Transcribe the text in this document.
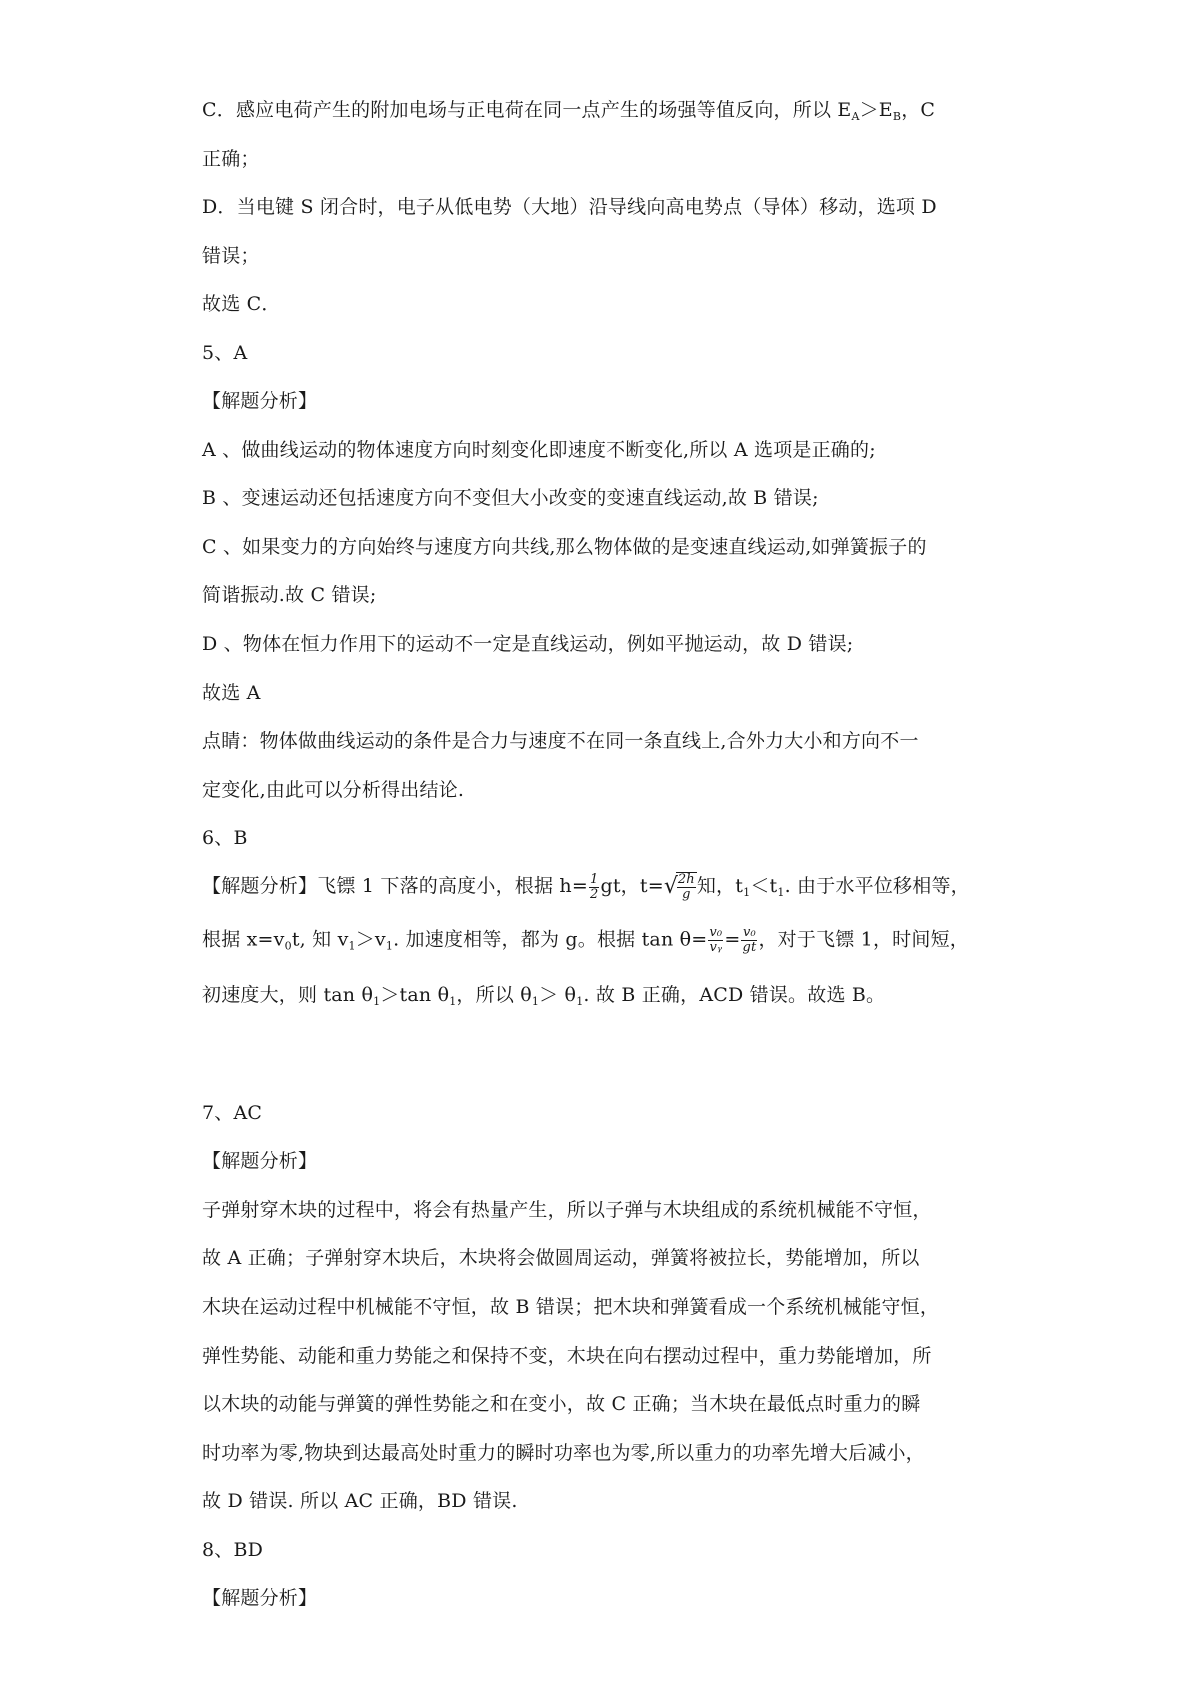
C．感应电荷产生的附加电场与正电荷在同一点产生的场强等值反向，所以 $E_A>E_B$，C
正确；
D．当电键 S 闭合时，电子从低电势（大地）沿导线向高电势点（导体）移动，选项 D
错误；
故选 C．
5、A
【解题分析】
A 、做曲线运动的物体速度方向时刻变化即速度不断变化,所以 A 选项是正确的;
B 、变速运动还包括速度方向不变但大小改变的变速直线运动,故 B 错误;
C 、如果变力的方向始终与速度方向共线,那么物体做的是变速直线运动,如弹簧振子的
简谐振动.故 C 错误;
D 、物体在恒力作用下的运动不一定是直线运动，例如平抛运动，故 D 错误;
故选 A
点睛：物体做曲线运动的条件是合力与速度不在同一条直线上,合外力大小和方向不一
定变化,由此可以分析得出结论.
6、B
【解题分析】飞镖 1 下落的高度小，根据 $h= \frac{1}{2}$ gt，t= √
$\frac{2h}{g}$ 知，$t_1<t_1$. 由于水平位移相等，
根据 $x=v_0t$, 知 $v_1>v_1$. 加速度相等，都为 g。根据 $\tan \theta= \frac{\text{v₀}}{\text{vᵧ}} = \frac{\text{v₀}}{gt}$ ，对于飞镖 1，时间短，
初速度大，则 $\tan \theta_1>\tan$ $\theta_1$，所以 $\theta_1> \theta_1$. 故 B 正确，ACD 错误。故选 B。
7、AC
【解题分析】
子弹射穿木块的过程中，将会有热量产生，所以子弹与木块组成的系统机械能不守恒，
故 A 正确；子弹射穿木块后，木块将会做圆周运动，弹簧将被拉长，势能增加，所以
木块在运动过程中机械能不守恒，故 B 错误；把木块和弹簧看成一个系统机械能守恒，
弹性势能、动能和重力势能之和保持不变，木块在向右摆动过程中，重力势能增加，所
以木块的动能与弹簧的弹性势能之和在变小，故 C 正确；当木块在最低点时重力的瞬
时功率为零,物块到达最高处时重力的瞬时功率也为零,所以重力的功率先增大后减小，
故 D 错误. 所以 AC 正确，BD 错误.
8、BD
【解题分析】
